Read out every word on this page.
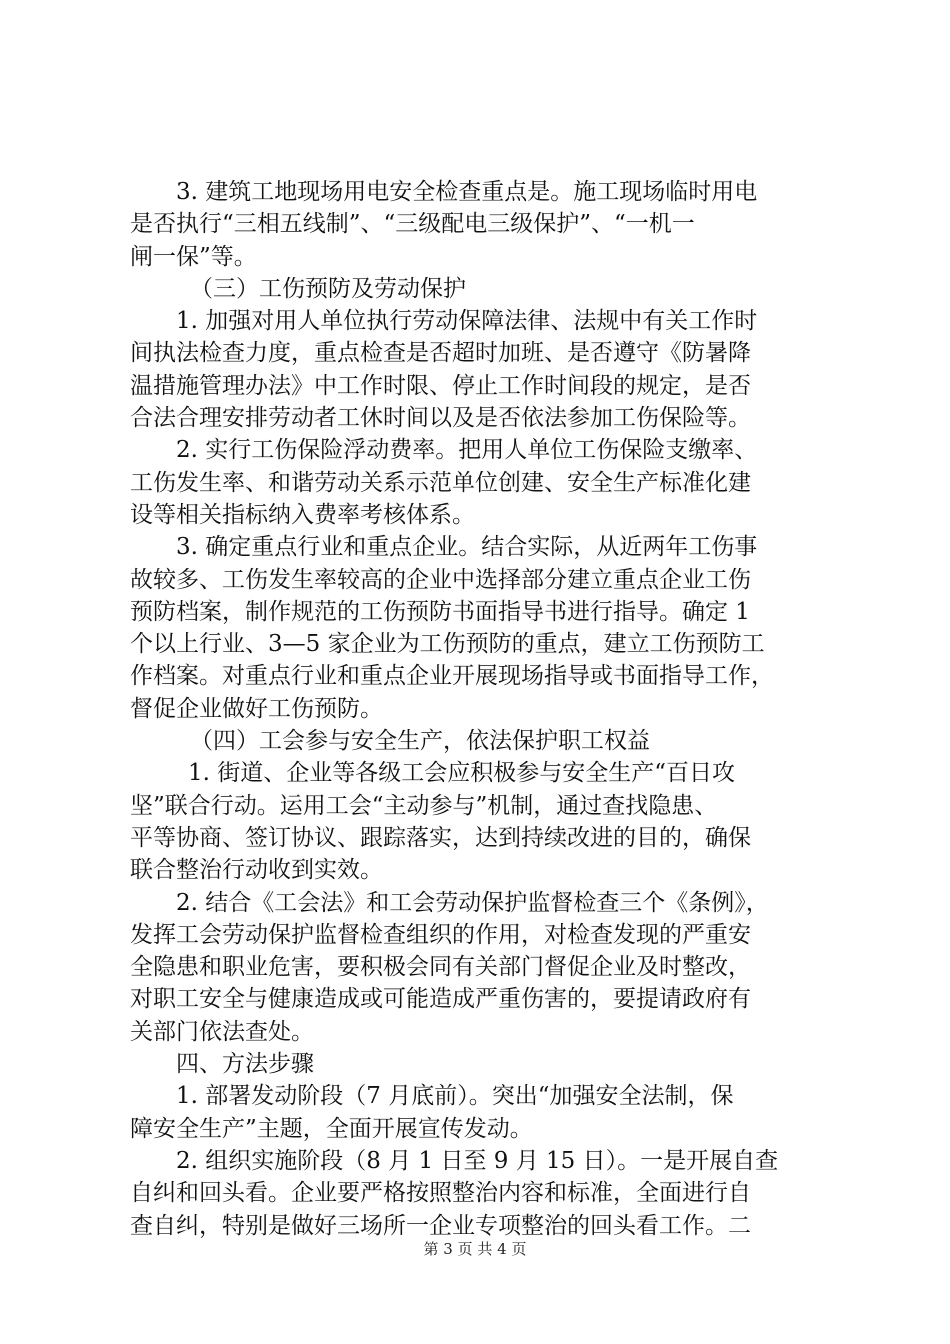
3. 建筑工地现场用电安全检查重点是。施工现场临时用电
是否执行“三相五线制”、“三级配电三级保护”、“一机一
闸一保”等。
（三）工伤预防及劳动保护
1. 加强对用人单位执行劳动保障法律、法规中有关工作时
间执法检查力度，重点检查是否超时加班、是否遵守《防暑降
温措施管理办法》中工作时限、停止工作时间段的规定，是否
合法合理安排劳动者工休时间以及是否依法参加工伤保险等。
2. 实行工伤保险浮动费率。把用人单位工伤保险支缴率、
工伤发生率、和谐劳动关系示范单位创建、安全生产标准化建
设等相关指标纳入费率考核体系。
3. 确定重点行业和重点企业。结合实际，从近两年工伤事
故较多、工伤发生率较高的企业中选择部分建立重点企业工伤
预防档案，制作规范的工伤预防书面指导书进行指导。确定 1
个以上行业、3—5 家企业为工伤预防的重点，建立工伤预防工
作档案。对重点行业和重点企业开展现场指导或书面指导工作，
督促企业做好工伤预防。
（四）工会参与安全生产，依法保护职工权益
1. 街道、企业等各级工会应积极参与安全生产“百日攻
坚”联合行动。运用工会“主动参与”机制，通过查找隐患、
平等协商、签订协议、跟踪落实，达到持续改进的目的，确保
联合整治行动收到实效。
2. 结合《工会法》和工会劳动保护监督检查三个《条例》，
发挥工会劳动保护监督检查组织的作用，对检查发现的严重安
全隐患和职业危害，要积极会同有关部门督促企业及时整改，
对职工安全与健康造成或可能造成严重伤害的，要提请政府有
关部门依法查处。
四、方法步骤
1. 部署发动阶段（7 月底前）。突出“加强安全法制，保
障安全生产”主题，全面开展宣传发动。
2. 组织实施阶段（8 月 1 日至 9 月 15 日）。一是开展自查
自纠和回头看。企业要严格按照整治内容和标准，全面进行自
查自纠，特别是做好三场所一企业专项整治的回头看工作。二
第 3 页 共 4 页
